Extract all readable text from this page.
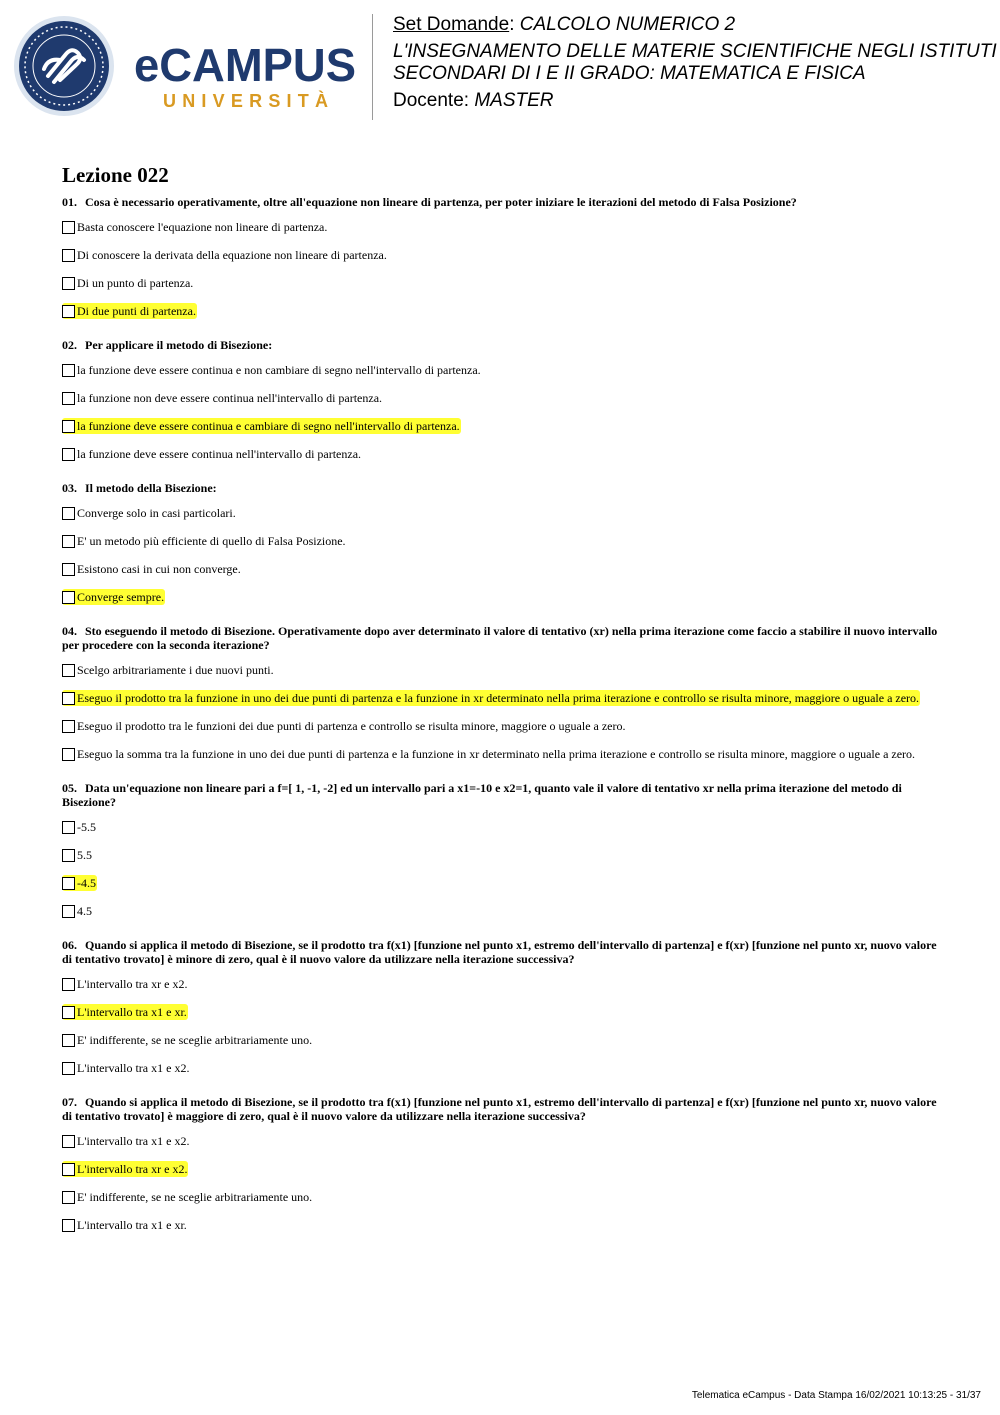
eCAMPUS
UNIVERSITÀ

Set Domande: CALCOLO NUMERICO 2

L'INSEGNAMENTO DELLE MATERIE SCIENTIFICHE NEGLI ISTITUTI

SECONDARI DI I E II GRADO: MATEMATICA E FISICA

Docente: MASTER

Lezione 022

01. Cosa è necessario operativamente, oltre all'equazione non lineare di partenza, per poter iniziare le iterazioni del metodo di Falsa Posizione?

Basta conoscere l'equazione non lineare di partenza.

Di conoscere la derivata della equazione non lineare di partenza.

Di un punto di partenza.

Di due punti di partenza.

02. Per applicare il metodo di Bisezione:

la funzione deve essere continua e non cambiare di segno nell'intervallo di partenza.

la funzione non deve essere continua nell'intervallo di partenza.

la funzione deve essere continua e cambiare di segno nell'intervallo di partenza.

la funzione deve essere continua nell'intervallo di partenza.

03. Il metodo della Bisezione:

Converge solo in casi particolari.

E' un metodo più efficiente di quello di Falsa Posizione.

Esistono casi in cui non converge.

Converge sempre.

04. Sto eseguendo il metodo di Bisezione. Operativamente dopo aver determinato il valore di tentativo (xr) nella prima iterazione come faccio a stabilire il nuovo intervallo per procedere con la seconda iterazione?

Scelgo arbitrariamente i due nuovi punti.

Eseguo il prodotto tra la funzione in uno dei due punti di partenza e la funzione in xr determinato nella prima iterazione e controllo se risulta minore, maggiore o uguale a zero.

Eseguo il prodotto tra le funzioni dei due punti di partenza e controllo se risulta minore, maggiore o uguale a zero.

Eseguo la somma tra la funzione in uno dei due punti di partenza e la funzione in xr determinato nella prima iterazione e controllo se risulta minore, maggiore o uguale a zero.

05. Data un'equazione non lineare pari a f=[ 1, -1, -2] ed un intervallo pari a x1=-10 e x2=1, quanto vale il valore di tentativo xr nella prima iterazione del metodo di Bisezione?

-5.5

5.5

-4.5

4.5

06. Quando si applica il metodo di Bisezione, se il prodotto tra f(x1) [funzione nel punto x1, estremo dell'intervallo di partenza] e f(xr) [funzione nel punto xr, nuovo valore di tentativo trovato] è minore di zero, qual è il nuovo valore da utilizzare nella iterazione successiva?

L'intervallo tra xr e x2.

L'intervallo tra x1 e xr.

E' indifferente, se ne sceglie arbitrariamente uno.

L'intervallo tra x1 e x2.

07. Quando si applica il metodo di Bisezione, se il prodotto tra f(x1) [funzione nel punto x1, estremo dell'intervallo di partenza] e f(xr) [funzione nel punto xr, nuovo valore di tentativo trovato] è maggiore di zero, qual è il nuovo valore da utilizzare nella iterazione successiva?

L'intervallo tra x1 e x2.

L'intervallo tra xr e x2.

E' indifferente, se ne sceglie arbitrariamente uno.

L'intervallo tra x1 e xr.

Telematica eCampus - Data Stampa 16/02/2021 10:13:25 - 31/37
